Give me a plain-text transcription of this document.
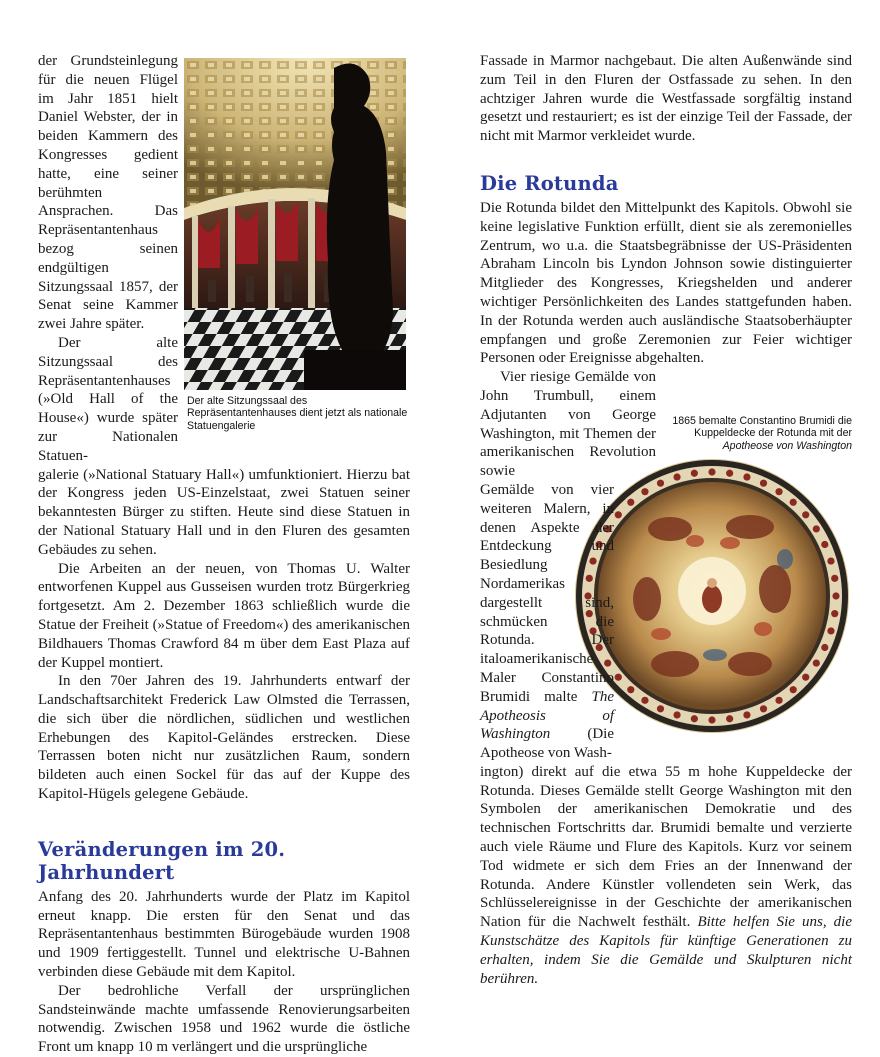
Der alte Sitzungssaal des Repräsentantenhauses dient jetzt als nationale Statuengalerie

der Grundsteinlegung für die neuen Flügel im Jahr 1851 hielt Daniel Webster, der in beiden Kammern des Kongresses gedient hatte, eine seiner berühmten Ansprachen. Das Repräsentantenhaus bezog seinen endgültigen Sitzungssaal 1857, der Senat seine Kammer zwei Jahre später.

Der alte Sitzungssaal des Repräsentantenhauses (»Old Hall of the House«) wurde später zur Nationalen Statuen-

galerie (»National Statuary Hall«) umfunktioniert. Hierzu bat der Kongress jeden US-Einzelstaat, zwei Statuen seiner bekanntesten Bürger zu stiften. Heute sind diese Statuen in der National Statuary Hall und in den Fluren des gesamten Gebäudes zu sehen.

Die Arbeiten an der neuen, von Thomas U. Walter entworfenen Kuppel aus Gusseisen wurden trotz Bürgerkrieg fortgesetzt. Am 2. Dezember 1863 schließlich wurde die Statue der Freiheit (»Statue of Freedom«) des amerikanischen Bildhauers Thomas Crawford 84 m über dem East Plaza auf der Kuppel montiert.

In den 70er Jahren des 19. Jahrhunderts entwarf der Landschaftsarchitekt Frederick Law Olmsted die Terrassen, die sich über die nördlichen, südlichen und westlichen Erhebungen des Kapitol-Geländes erstrecken. Diese Terrassen boten nicht nur zusätzlichen Raum, sondern bildeten auch einen Sockel für das auf der Kuppe des Kapitol-Hügels gelegene Gebäude.

Veränderungen im 20. Jahrhundert

Anfang des 20. Jahrhunderts wurde der Platz im Kapitol erneut knapp. Die ersten für den Senat und das Repräsentantenhaus bestimmten Bürogebäude wurden 1908 und 1909 fertiggestellt. Tunnel und elektrische U-Bahnen verbinden diese Gebäude mit dem Kapitol.

Der bedrohliche Verfall der ursprünglichen Sandsteinwände machte umfassende Renovierungsarbeiten notwendig. Zwischen 1958 und 1962 wurde die östliche Front um knapp 10 m verlängert und die ursprüngliche

1865 bemalte Constantino Brumidi die Kuppeldecke der Rotunda mit der Apotheose von Washington

Fassade in Marmor nachgebaut. Die alten Außenwände sind zum Teil in den Fluren der Ostfassade zu sehen. In den achtziger Jahren wurde die Westfassade sorgfältig instand gesetzt und restauriert; es ist der einzige Teil der Fassade, der nicht mit Marmor verkleidet wurde.

Die Rotunda

Die Rotunda bildet den Mittelpunkt des Kapitols. Obwohl sie keine legislative Funktion erfüllt, dient sie als zeremonielles Zentrum, wo u.a. die Staatsbegräbnisse der US-Präsidenten Abraham Lincoln bis Lyndon Johnson sowie distinguierter Mitglieder des Kongresses, Kriegshelden und anderer wichtiger Persönlichkeiten des Landes stattgefunden haben. In der Rotunda werden auch ausländische Staatsoberhäupter empfangen und große Zeremonien zur Feier wichtiger Personen oder Ereignisse abgehalten.

Vier riesige Gemälde von John Trumbull, einem Adjutanten von George Washington, mit Themen der amerikanischen Revolution sowie

Gemälde von vier weiteren Malern, in denen Aspekte der Entdeckung und Besiedlung Nordamerikas dargestellt sind, schmücken die Rotunda. Der italoamerikanische Maler Constantino Brumidi malte The Apotheosis of Washington (Die Apotheose von Wash-

ington) direkt auf die etwa 55 m hohe Kuppeldecke der Rotunda. Dieses Gemälde stellt George Washington mit den Symbolen der amerikanischen Demokratie und des technischen Fortschritts dar. Brumidi bemalte und verzierte auch viele Räume und Flure des Kapitols. Kurz vor seinem Tod widmete er sich dem Fries an der Innenwand der Rotunda. Andere Künstler vollendeten sein Werk, das Schlüsselereignisse in der Geschichte der amerikanischen Nation für die Nachwelt festhält. Bitte helfen Sie uns, die Kunstschätze des Kapitols für künftige Generationen zu erhalten, indem Sie die Gemälde und Skulpturen nicht berühren.
